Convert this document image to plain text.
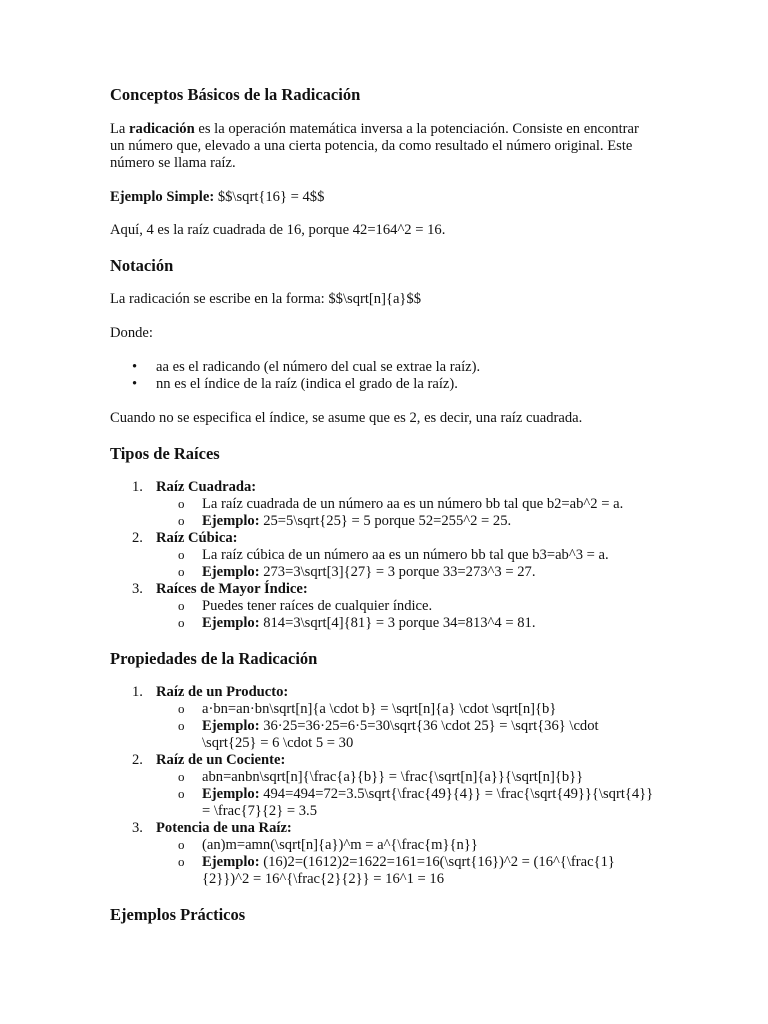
Conceptos Básicos de la Radicación

La radicación es la operación matemática inversa a la potenciación. Consiste en encontrar un número que, elevado a una cierta potencia, da como resultado el número original. Este número se llama raíz.

Ejemplo Simple: $$\sqrt{16} = 4$$

Aquí, 4 es la raíz cuadrada de 16, porque 42=164^2 = 16.

Notación

La radicación se escribe en la forma: $$\sqrt[n]{a}$$

Donde:

• aa es el radicando (el número del cual se extrae la raíz).
• nn es el índice de la raíz (indica el grado de la raíz).

Cuando no se especifica el índice, se asume que es 2, es decir, una raíz cuadrada.

Tipos de Raíces
1. Raíz Cuadrada:
o La raíz cuadrada de un número aa es un número bb tal que b2=ab^2 = a.
o Ejemplo: 25=5\sqrt{25} = 5 porque 52=255^2 = 25.
2. Raíz Cúbica:
o La raíz cúbica de un número aa es un número bb tal que b3=ab^3 = a.
o Ejemplo: 273=3\sqrt[3]{27} = 3 porque 33=273^3 = 27.
3. Raíces de Mayor Índice:
o Puedes tener raíces de cualquier índice.
o Ejemplo: 814=3\sqrt[4]{81} = 3 porque 34=813^4 = 81.
Propiedades de la Radicación
1. Raíz de un Producto:
o a·bn=an·bn\sqrt[n]{a \cdot b} = \sqrt[n]{a} \cdot \sqrt[n]{b}
o Ejemplo: 36·25=36·25=6·5=30\sqrt{36 \cdot 25} = \sqrt{36} \cdot \sqrt{25} = 6 \cdot 5 = 30
2. Raíz de un Cociente:
o abn=anbn\sqrt[n]{\frac{a}{b}} = \frac{\sqrt[n]{a}}{\sqrt[n]{b}}
o Ejemplo: 494=494=72=3.5\sqrt{\frac{49}{4}} = \frac{\sqrt{49}}{\sqrt{4}} = \frac{7}{2} = 3.5
3. Potencia de una Raíz:
o (an)m=amn(\sqrt[n]{a})^m = a^{\frac{m}{n}}
o Ejemplo: (16)2=(1612)2=1622=161=16(\sqrt{16})^2 = (16^{\frac{1}{2}})^2 = 16^{\frac{2}{2}} = 16^1 = 16
Ejemplos Prácticos
